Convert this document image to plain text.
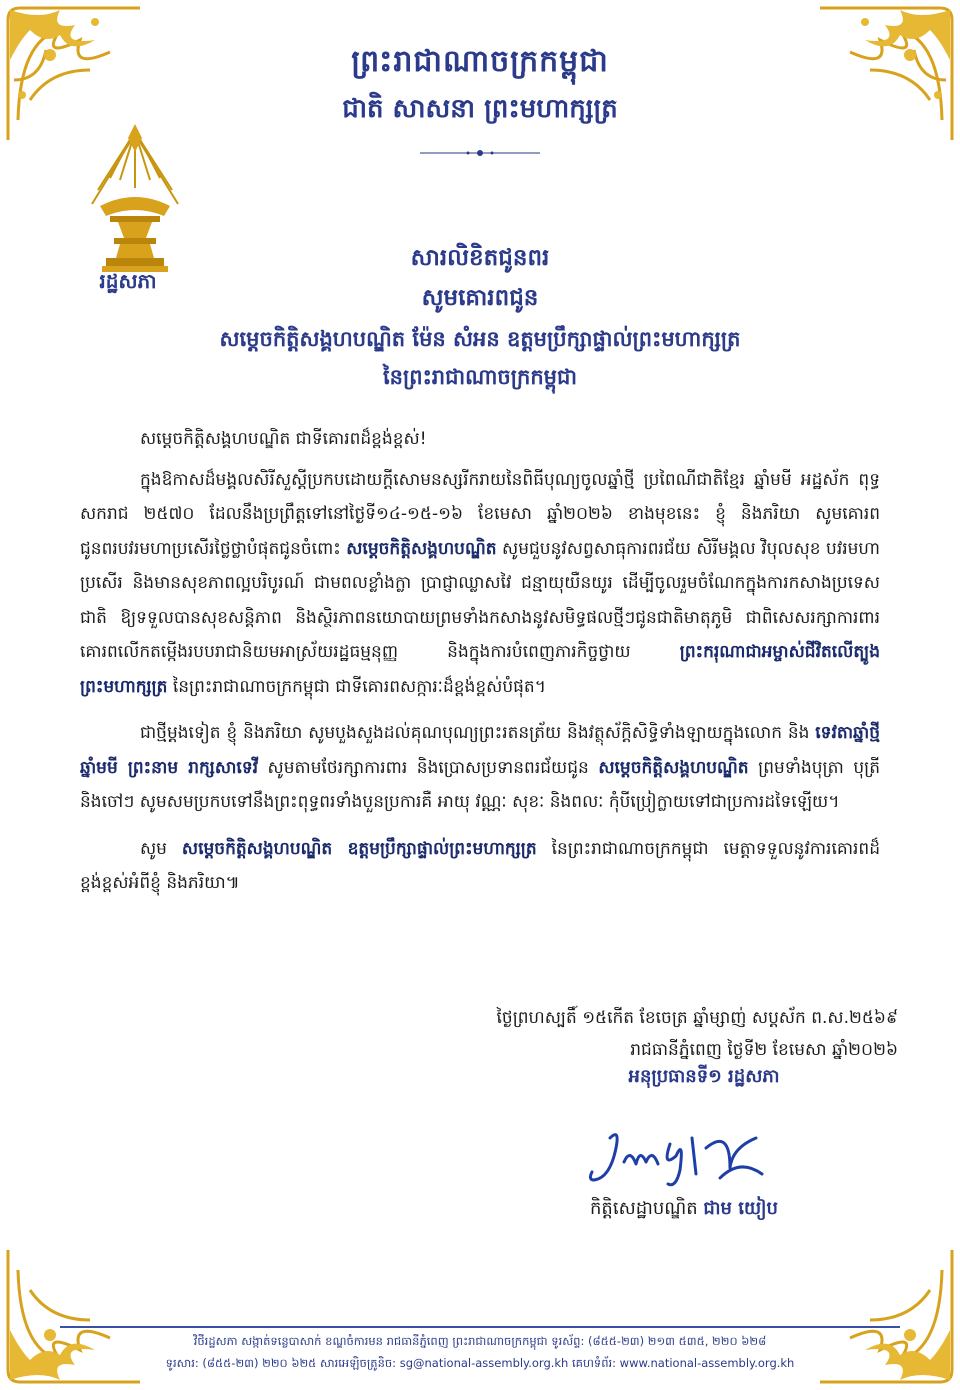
ព្រះរាជាណាចក្រកម្ពុជា
ជាតិ សាសនា ព្រះមហាក្សត្រ
រដ្ឋសភា
សារលិខិតជូនពរ
សូមគោរពជូន
សម្តេចកិត្តិសង្គហបណ្ឌិត ម៉ែន សំអន ឧត្តមប្រឹក្សាផ្ទាល់ព្រះមហាក្សត្រ
នៃព្រះរាជាណាចក្រកម្ពុជា

សម្តេចកិត្តិសង្គហបណ្ឌិត ជាទីគោរពដ៏ខ្ពង់ខ្ពស់!

ក្នុងឱកាសដ៏មង្គលសិរីសួស្តីប្រកបដោយក្តីសោមនស្សរីករាយនៃពិធីបុណ្យចូលឆ្នាំថ្មី ប្រពៃណីជាតិខ្មែរ ឆ្នាំមមី អដ្ឋស័ក ពុទ្ធសករាជ ២៥៧០ ដែលនឹងប្រព្រឹត្តទៅនៅថ្ងៃទី១៤-១៥-១៦ ខែមេសា ឆ្នាំ២០២៦ ខាងមុខនេះ ខ្ញុំ និងភរិយា សូមគោរពជូនពរបវរមហាប្រសើរថ្លៃថ្លាបំផុតជូនចំពោះ សម្តេចកិត្តិសង្គហបណ្ឌិត សូមជួបនូវសព្វសាធុការពរជ័យ សិរីមង្គល វិបុលសុខ បវរមហាប្រសើរ និងមានសុខភាពល្អបរិបូរណ៍ ជាមពលខ្លាំងក្លា ប្រាជ្ញាឈ្លាសវៃ ជន្មាយុយឺនយូរ ដើម្បីចូលរួមចំណែកក្នុងការកសាងប្រទេសជាតិ ឱ្យទទួលបានសុខសន្តិភាព និងស្ថិរភាពនយោបាយព្រមទាំងកសាងនូវសមិទ្ធផលថ្មីៗជូនជាតិមាតុភូមិ ជាពិសេសរក្សាការពារគោរពលើកតម្កើងរបបរាជានិយមអាស្រ័យរដ្ឋធម្មនុញ្ញ និងក្នុងការបំពេញភារកិច្ចថ្វាយ	ព្រះករុណាជាអម្ចាស់ជីវិតលើត្បូង ព្រះមហាក្សត្រ នៃព្រះរាជាណាចក្រកម្ពុជា ជាទីគោរពសក្ការៈដ៏ខ្ពង់ខ្ពស់បំផុត។

ជាថ្មីម្តងទៀត ខ្ញុំ និងភរិយា សូមបួងសួងដល់គុណបុណ្យព្រះរតនត្រ័យ និងវត្ថុស័ក្តិសិទ្ធិទាំងឡាយក្នុងលោក និង ទេវតាឆ្នាំថ្មី ឆ្នាំមមី ព្រះនាម រាក្សសាទេវី សូមតាមថែរក្សាការពារ និងប្រោសប្រទានពរជ័យជូន សម្តេចកិត្តិសង្គហបណ្ឌិត ព្រមទាំងបុត្រា បុត្រី និងចៅៗ សូមសមប្រកបទៅនឹងព្រះពុទ្ធពរទាំងបួនប្រការគឺ អាយុ វណ្ណៈ សុខៈ និងពលៈ កុំបីប្រៀក្លាយទៅជាប្រការដទៃឡើយ។

សូម សម្តេចកិត្តិសង្គហបណ្ឌិត ឧត្តមប្រឹក្សាផ្ទាល់ព្រះមហាក្សត្រ នៃព្រះរាជាណាចក្រកម្ពុជា មេត្តាទទួលនូវការគោរពដ៏ខ្ពង់ខ្ពស់អំពីខ្ញុំ និងភរិយា៕

ថ្ងៃព្រហស្បតិ៍ ១៥កើត ខែចេត្រ ឆ្នាំម្សាញ់ សប្តស័ក ព.ស.២៥៦៩
រាជធានីភ្នំពេញ ថ្ងៃទី២ ខែមេសា ឆ្នាំ២០២៦
អនុប្រធានទី១ រដ្ឋសភា
កិត្តិសេដ្ឋាបណ្ឌិត ជាម យៀប
វិថីរដ្ឋសភា សង្កាត់ទន្លេបាសាក់ ខណ្ឌចំការមន រាជធានីភ្នំពេញ ព្រះរាជាណាចក្រកម្ពុជា ទូរស័ព្ទ: (៨៥៥-២៣) ២១៣ ៥៣៥, ២២០ ៦២៨
ទូរសារ: (៨៥៥-២៣) ២២០ ៦២៥ សារអេឡិចត្រូនិច: sg@national-assembly.org.kh គេហទំព័រ: www.national-assembly.org.kh
